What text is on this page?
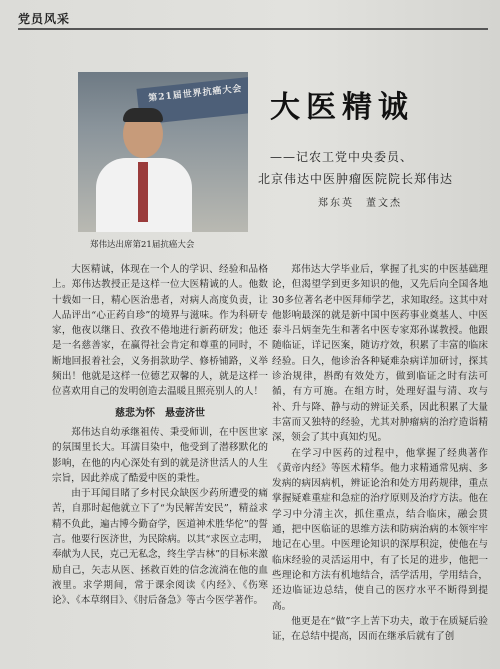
党员风采
第21届世界抗癌大会
郑伟达出席第21届抗癌大会
大医精诚
——记农工党中央委员、
北京伟达中医肿瘤医院院长郑伟达
郑东英　董文杰

大医精诚，体现在一个人的学识、经验和品格上。郑伟达教授正是这样一位大医精诚的人。他数十载如一日，精心医治患者，对病人高度负责，让人品评出“心正药自珍”的境界与滋味。作为科研专家，他夜以继日、孜孜不倦地进行新药研发；他还是一名慈善家，在赢得社会肯定和尊重的同时，不断地回报着社会，义务捐款助学、修桥铺路，义举频出！他就是这样一位德艺双馨的人，就是这样一位喜欢用自己的发明创造去温暖且照亮别人的人！

慈悲为怀　悬壶济世

郑伟达自幼承继祖传、秉受师训，在中医世家的氛围里长大。耳濡目染中，他受到了潜移默化的影响，在他的内心深处有到的就是济世活人的人生宗旨，因此养成了酷爱中医的秉性。

由于耳闻目睹了乡村民众缺医少药所遭受的痛苦，自那时起他就立下了“为民解苦安民”，精益求精不负此，遍古博今勤奋学，医道神术胜华佗”的誓言。他要行医济世，为民除病。以其“求医立志明，奉献为人民，克己无私念，终生学吉林”的目标来激励自己，矢志从医、拯救百姓的信念流淌在他的血液里。求学期间，常于课余阅读《内经》、《伤寒论》、《本草纲目》、《肘后备急》等古今医学著作。

郑伟达大学毕业后，掌握了扎实的中医基础理论，但渴望学到更多知识的他，又先后向全国各地30多位著名老中医拜师学艺，求知取经。这其中对他影响最深的就是新中国中医药事业奠基人、中医泰斗吕炳奎先生和著名中医专家郑孙谋教授。他跟随临证，详记医案，随访疗效，积累了丰富的临床经验。日久，他诊治各种疑难杂病详加研讨，探其诊治规律，斟酌有效处方，做到临证之时有法可循，有方可施。在组方时，处理好温与清、攻与补、升与降、静与动的辨证关系，因此积累了大量丰富而又独特的经验，尤其对肿瘤病的治疗造诣精深，领会了其中真知灼见。

在学习中医药的过程中，他掌握了经典著作《黄帝内经》等医术精华。他力求精通常见病、多发病的病因病机，辨证论治和处方用药规律，重点掌握疑难重症和急症的治疗原则及治疗方法。他在学习中分清主次，抓住重点，结合临床，融会贯通，把中医临证的思维方法和防病治病的本领牢牢地记在心里。中医理论知识的深厚积淀，使他在与临床经验的灵活运用中，有了长足的进步，他把一些理论和方法有机地结合，活学活用，学用结合，还边临证边总结，使自己的医疗水平不断得到提高。

他更是在“做”字上苦下功夫，敢于在质疑后验证，在总结中提高，因而在继承后就有了创
